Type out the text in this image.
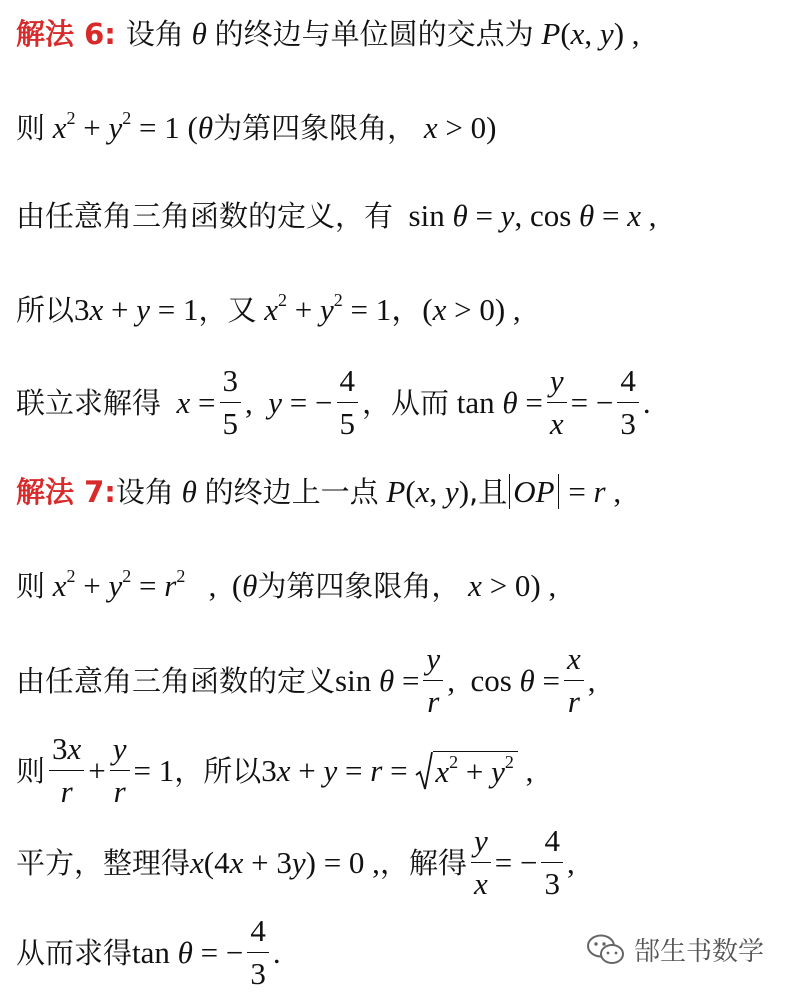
解法 6: 设角 θ 的终边与单位圆的交点为 P(x, y) ,
则 $x^2 + y^2 = 1$ (θ 为第四象限角， x > 0)
由任意角三角函数的定义，有 sin θ = y, cos θ = x ,
所以 3x + y = 1 ，又 $x^2 + y^2 = 1$，(x > 0) ,
联立求解得 $x = \frac{3}{5}$ ,  y = − $\frac{4}{5}$ ，从而 $\tan \theta = \frac{y}{x}$ = − $\frac{4}{3}$ .
解法 7: 设角 θ 的终边上一点 P(x, y) ,且 OP = r ,
则 $x^2 + y^2 = r^2$   ,  (θ 为第四象限角， x > 0) ,
由任意角三角函数的定义 $\sin \theta = \frac{y}{r}$ ,  $\cos \theta = \frac{x}{r}$ ,
则 $\frac{3x}{r} + \frac{y}{r} = 1$ ，所以 $3x + y = r = x^2 + y^2$ ,
平方，整理得 x(4x + 3y) = 0 , ，解得 $\frac{y}{x}$ = − $\frac{4}{3}$ ,
从而求得 tan θ = − $\frac{4}{3}$ .	郜生书数学
